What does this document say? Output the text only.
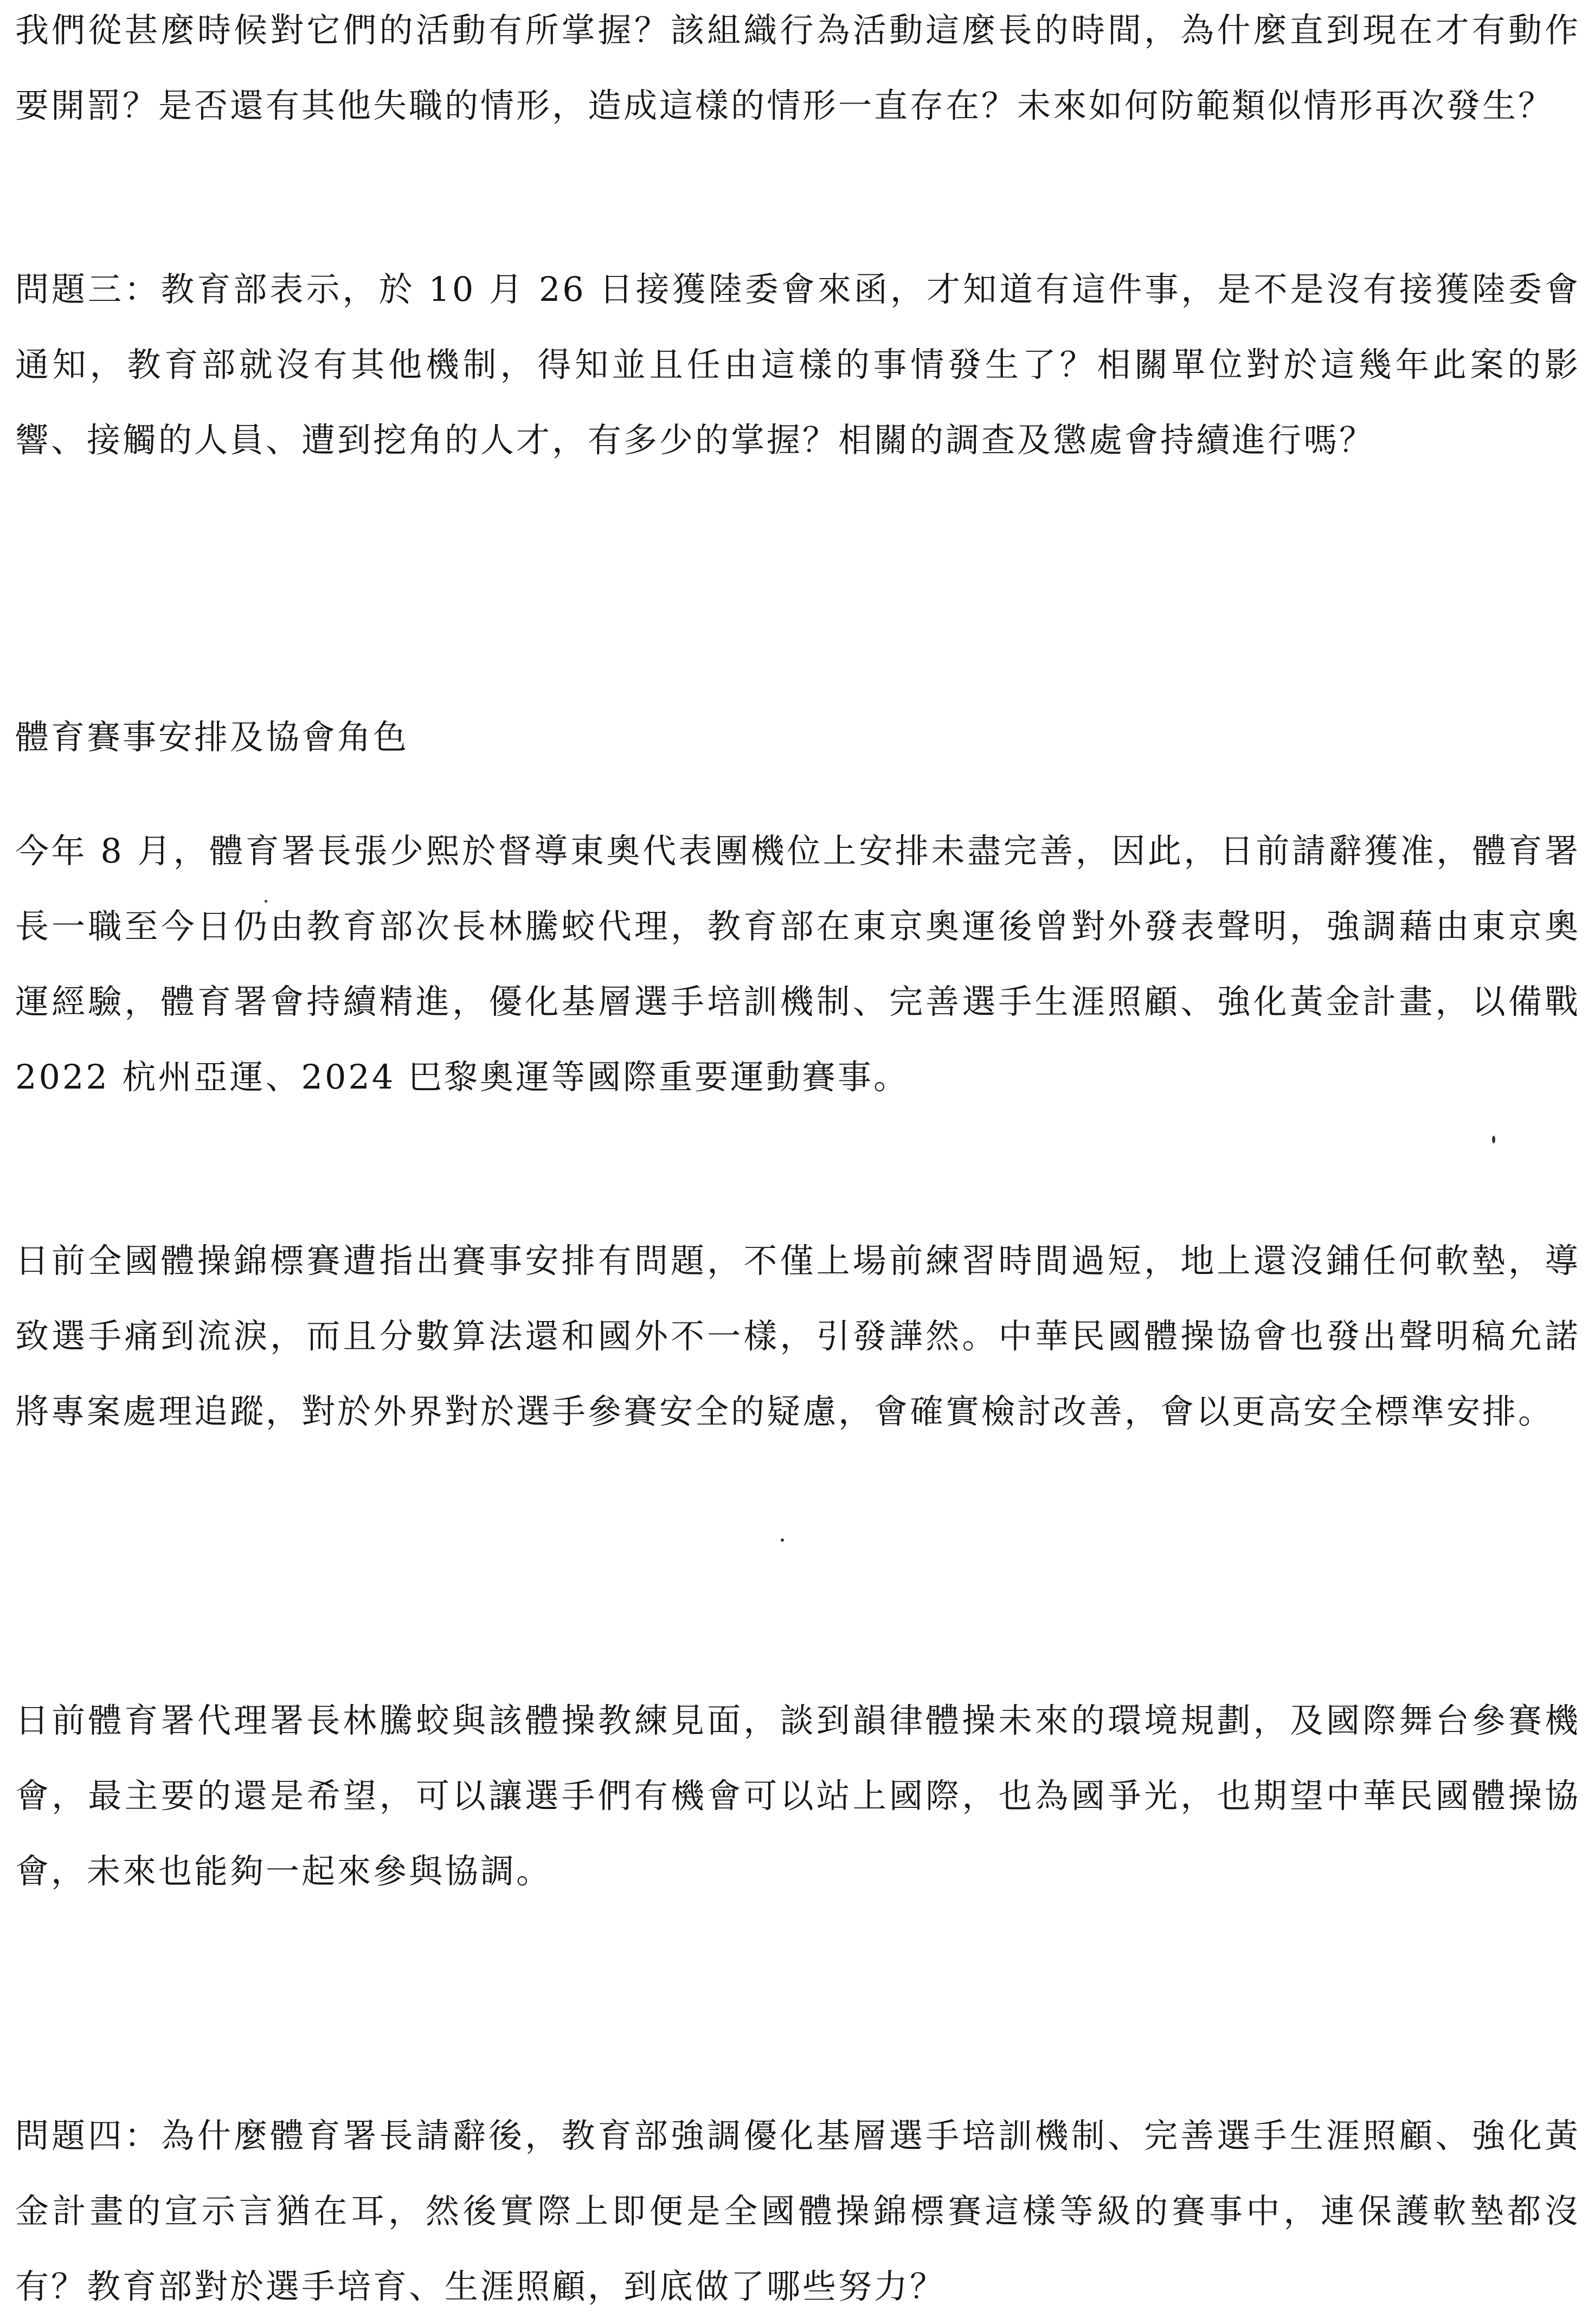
我們從甚麼時候對它們的活動有所掌握？該組織行為活動這麼長的時間，為什麼直到現在才有動作要開罰？是否還有其他失職的情形，造成這樣的情形一直存在？未來如何防範類似情形再次發生？

問題三：教育部表示，於 10 月 26 日接獲陸委會來函，才知道有這件事，是不是沒有接獲陸委會通知，教育部就沒有其他機制，得知並且任由這樣的事情發生了？相關單位對於這幾年此案的影響、接觸的人員、遭到挖角的人才，有多少的掌握？相關的調查及懲處會持續進行嗎？

體育賽事安排及協會角色

今年 8 月，體育署長張少熙於督導東奧代表團機位上安排未盡完善，因此，日前請辭獲准，體育署長一職至今日仍由教育部次長林騰蛟代理，教育部在東京奧運後曾對外發表聲明，強調藉由東京奧運經驗，體育署會持續精進，優化基層選手培訓機制、完善選手生涯照顧、強化黃金計畫，以備戰 2022 杭州亞運、2024 巴黎奧運等國際重要運動賽事。

日前全國體操錦標賽遭指出賽事安排有問題，不僅上場前練習時間過短，地上還沒鋪任何軟墊，導致選手痛到流淚，而且分數算法還和國外不一樣，引發譁然。中華民國體操協會也發出聲明稿允諾將專案處理追蹤，對於外界對於選手參賽安全的疑慮，會確實檢討改善，會以更高安全標準安排。

日前體育署代理署長林騰蛟與該體操教練見面，談到韻律體操未來的環境規劃，及國際舞台參賽機會，最主要的還是希望，可以讓選手們有機會可以站上國際，也為國爭光，也期望中華民國體操協會，未來也能夠一起來參與協調。

問題四：為什麼體育署長請辭後，教育部強調優化基層選手培訓機制、完善選手生涯照顧、強化黃金計畫的宣示言猶在耳，然後實際上即便是全國體操錦標賽這樣等級的賽事中，連保護軟墊都沒有？教育部對於選手培育、生涯照顧，到底做了哪些努力？
